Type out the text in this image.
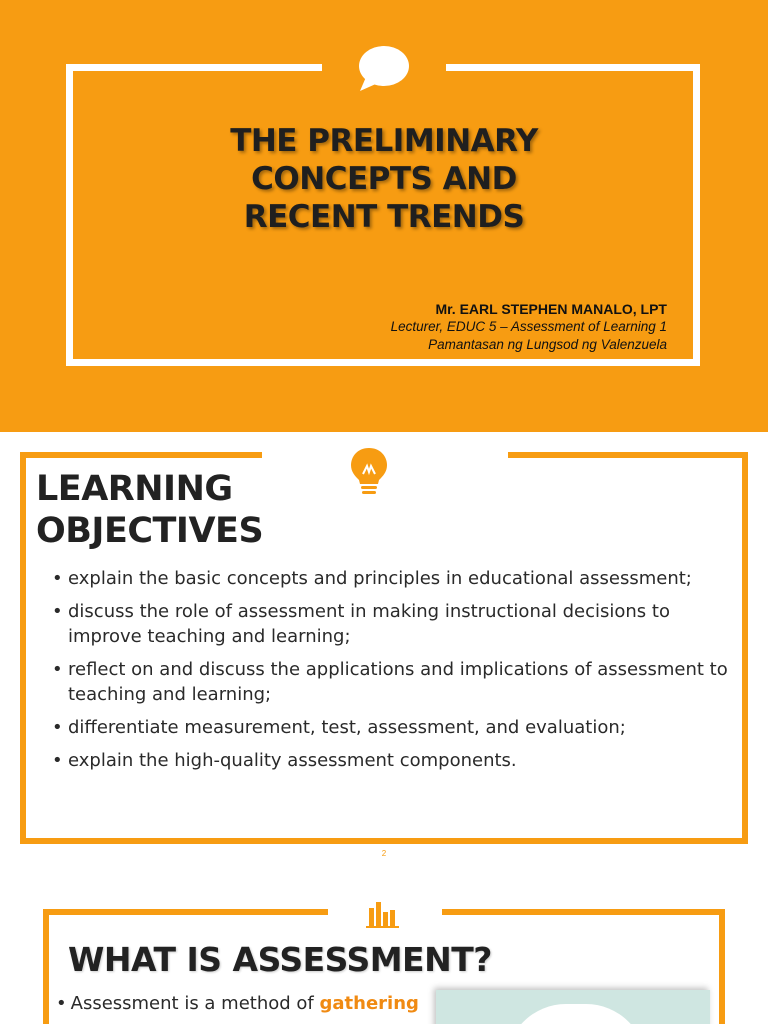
THE PRELIMINARY
CONCEPTS AND
RECENT TRENDS
Mr. EARL STEPHEN MANALO, LPT
Lecturer, EDUC 5 – Assessment of Learning 1
Pamantasan ng Lungsod ng Valenzuela
LEARNING
OBJECTIVES
• explain the basic concepts and principles in educational assessment;
• discuss the role of assessment in making instructional decisions to improve teaching and learning;
• reflect on and discuss the applications and implications of assessment to teaching and learning;
• differentiate measurement, test, assessment, and evaluation;
• explain the high-quality assessment components.
2
WHAT IS ASSESSMENT?
• Assessment is a method of gathering
